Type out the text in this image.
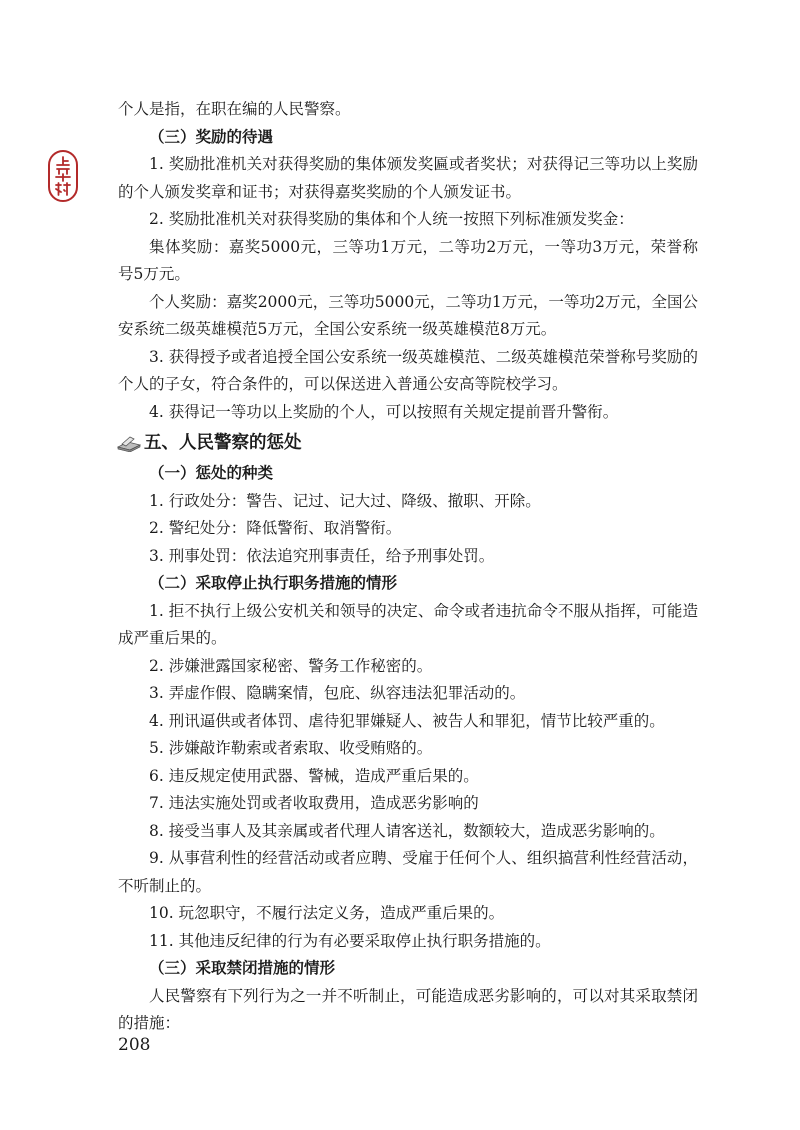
个人是指，在职在编的人民警察。
（三）奖励的待遇
1. 奖励批准机关对获得奖励的集体颁发奖匾或者奖状；对获得记三等功以上奖励的个人颁发奖章和证书；对获得嘉奖奖励的个人颁发证书。
2. 奖励批准机关对获得奖励的集体和个人统一按照下列标准颁发奖金：
集体奖励：嘉奖5000元，三等功1万元，二等功2万元，一等功3万元，荣誉称号5万元。
个人奖励：嘉奖2000元，三等功5000元，二等功1万元，一等功2万元，全国公安系统二级英雄模范5万元，全国公安系统一级英雄模范8万元。
3. 获得授予或者追授全国公安系统一级英雄模范、二级英雄模范荣誉称号奖励的个人的子女，符合条件的，可以保送进入普通公安高等院校学习。
4. 获得记一等功以上奖励的个人，可以按照有关规定提前晋升警衔。
五、人民警察的惩处
（一）惩处的种类
1. 行政处分：警告、记过、记大过、降级、撤职、开除。
2. 警纪处分：降低警衔、取消警衔。
3. 刑事处罚：依法追究刑事责任，给予刑事处罚。
（二）采取停止执行职务措施的情形
1. 拒不执行上级公安机关和领导的决定、命令或者违抗命令不服从指挥，可能造成严重后果的。
2. 涉嫌泄露国家秘密、警务工作秘密的。
3. 弄虚作假、隐瞒案情，包庇、纵容违法犯罪活动的。
4. 刑讯逼供或者体罚、虐待犯罪嫌疑人、被告人和罪犯，情节比较严重的。
5. 涉嫌敲诈勒索或者索取、收受贿赂的。
6. 违反规定使用武器、警械，造成严重后果的。
7. 违法实施处罚或者收取费用，造成恶劣影响的
8. 接受当事人及其亲属或者代理人请客送礼，数额较大，造成恶劣影响的。
9. 从事营利性的经营活动或者应聘、受雇于任何个人、组织搞营利性经营活动，不听制止的。
10. 玩忽职守，不履行法定义务，造成严重后果的。
11. 其他违反纪律的行为有必要采取停止执行职务措施的。
（三）采取禁闭措施的情形
人民警察有下列行为之一并不听制止，可能造成恶劣影响的，可以对其采取禁闭的措施：
208
